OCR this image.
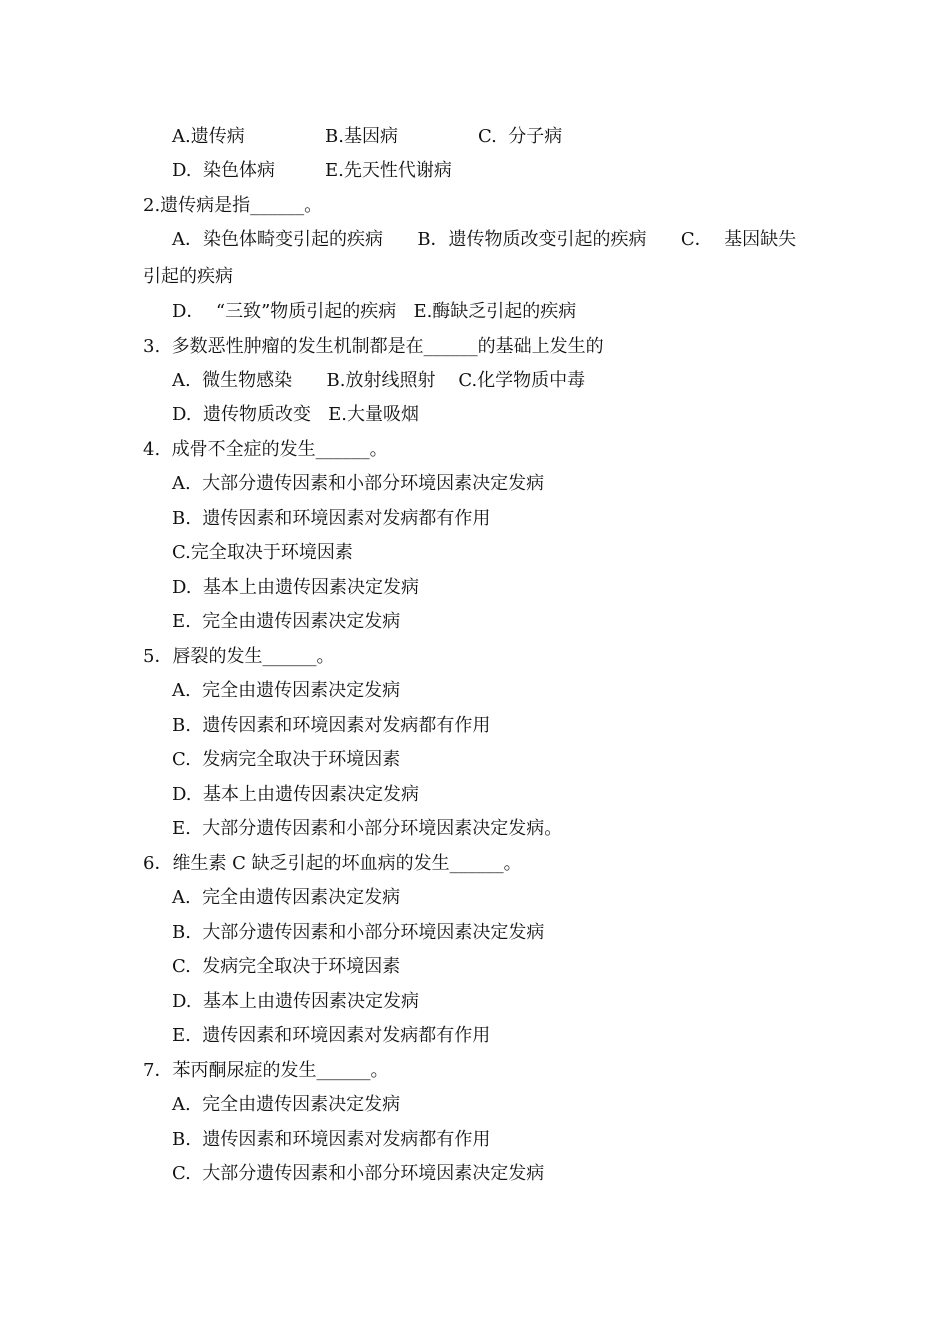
A.遗传病	B.基因病	C.  分子病
D.  染色体病	E.先天性代谢病
2.遗传病是指______。
A．染色体畸变引起的疾病      B．遗传物质改变引起的疾病      C．  基因缺失
引起的疾病
D．  “三致”物质引起的疾病   E.酶缺乏引起的疾病
3.  多数恶性肿瘤的发生机制都是在______的基础上发生的
A.  微生物感染      B.放射线照射    C.化学物质中毒
D.  遗传物质改变   E.大量吸烟
4.  成骨不全症的发生______。
A.  大部分遗传因素和小部分环境因素决定发病
B.  遗传因素和环境因素对发病都有作用
C.完全取决于环境因素
D.  基本上由遗传因素决定发病
E.  完全由遗传因素决定发病
5．唇裂的发生______。
A.  完全由遗传因素决定发病
B.  遗传因素和环境因素对发病都有作用
C.  发病完全取决于环境因素
D.  基本上由遗传因素决定发病
E.  大部分遗传因素和小部分环境因素决定发病。
6．维生素 C 缺乏引起的坏血病的发生______。
A.  完全由遗传因素决定发病
B.  大部分遗传因素和小部分环境因素决定发病
C.  发病完全取决于环境因素
D.  基本上由遗传因素决定发病
E.  遗传因素和环境因素对发病都有作用
7．苯丙酮尿症的发生______。
A.  完全由遗传因素决定发病
B.  遗传因素和环境因素对发病都有作用
C.  大部分遗传因素和小部分环境因素决定发病
